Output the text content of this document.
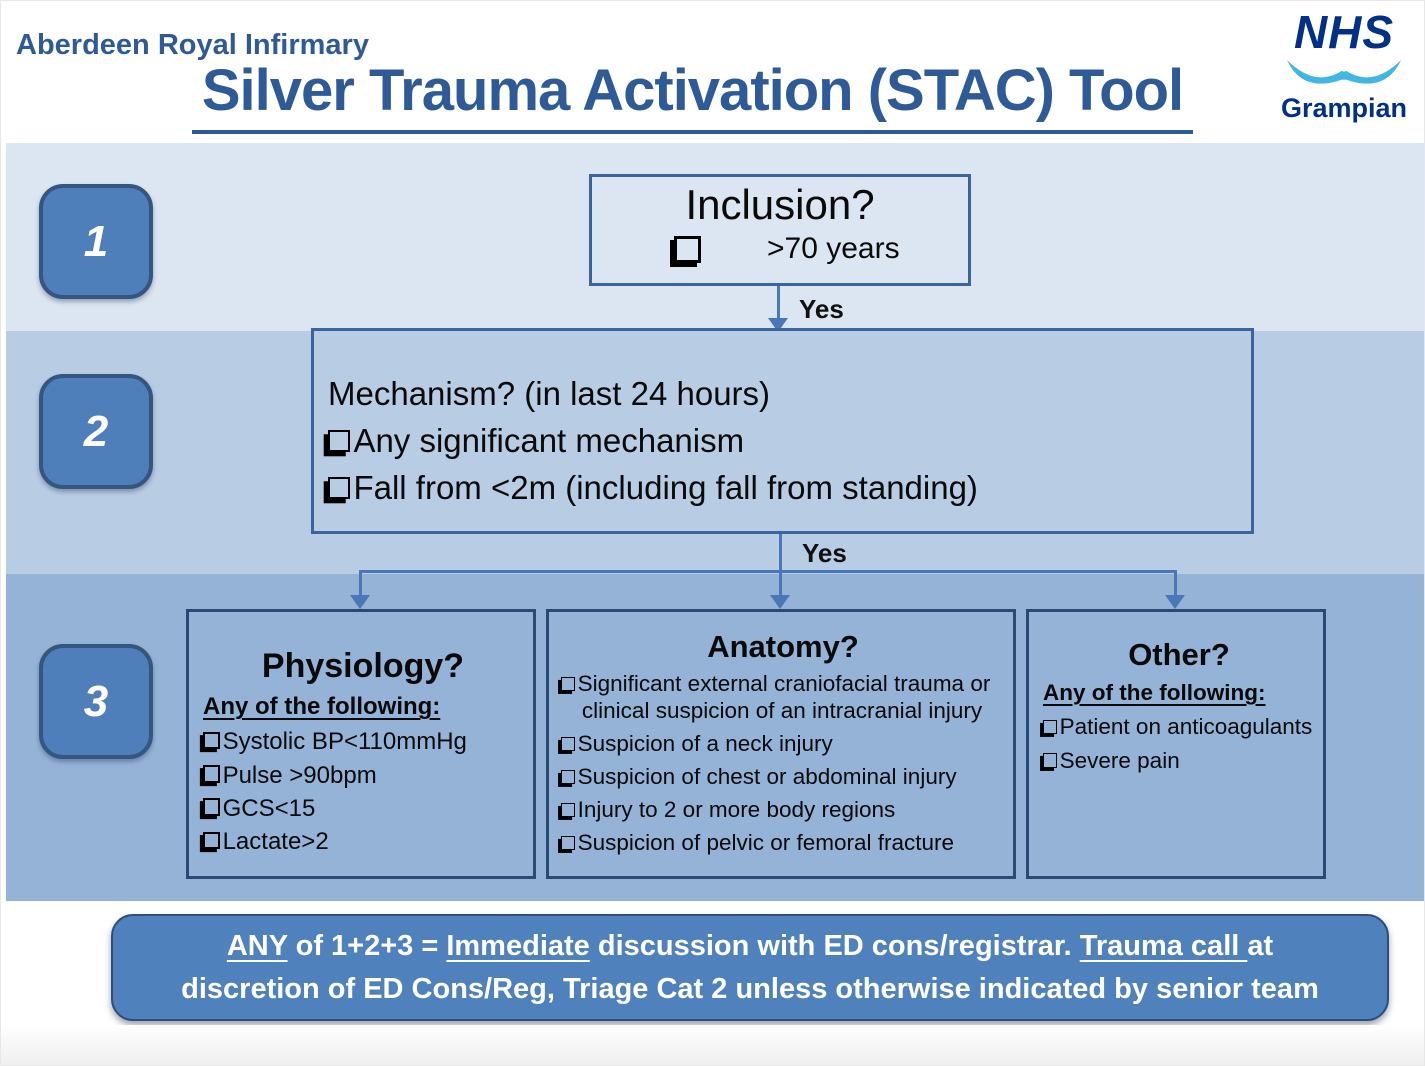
Aberdeen Royal Infirmary
Silver Trauma Activation (STAC) Tool
NHS
Grampian
1
2
3
Inclusion?
>70 years
Yes
Mechanism? (in last 24 hours)
Any significant mechanism
Fall from <2m (including fall from standing)
Yes
Physiology?
Any of the following:
Systolic BP<110mmHg
Pulse >90bpm
GCS<15
Lactate>2
Anatomy?
Significant external craniofacial trauma or clinical suspicion of an intracranial injury
Suspicion of a neck injury
Suspicion of chest or abdominal injury
Injury to 2 or more body regions
Suspicion of pelvic or femoral fracture
Other?
Any of the following:
Patient on anticoagulants
Severe pain

ANY of 1+2+3 = Immediate discussion with ED cons/registrar. Trauma call at discretion of ED Cons/Reg, Triage Cat 2 unless otherwise indicated by senior team
